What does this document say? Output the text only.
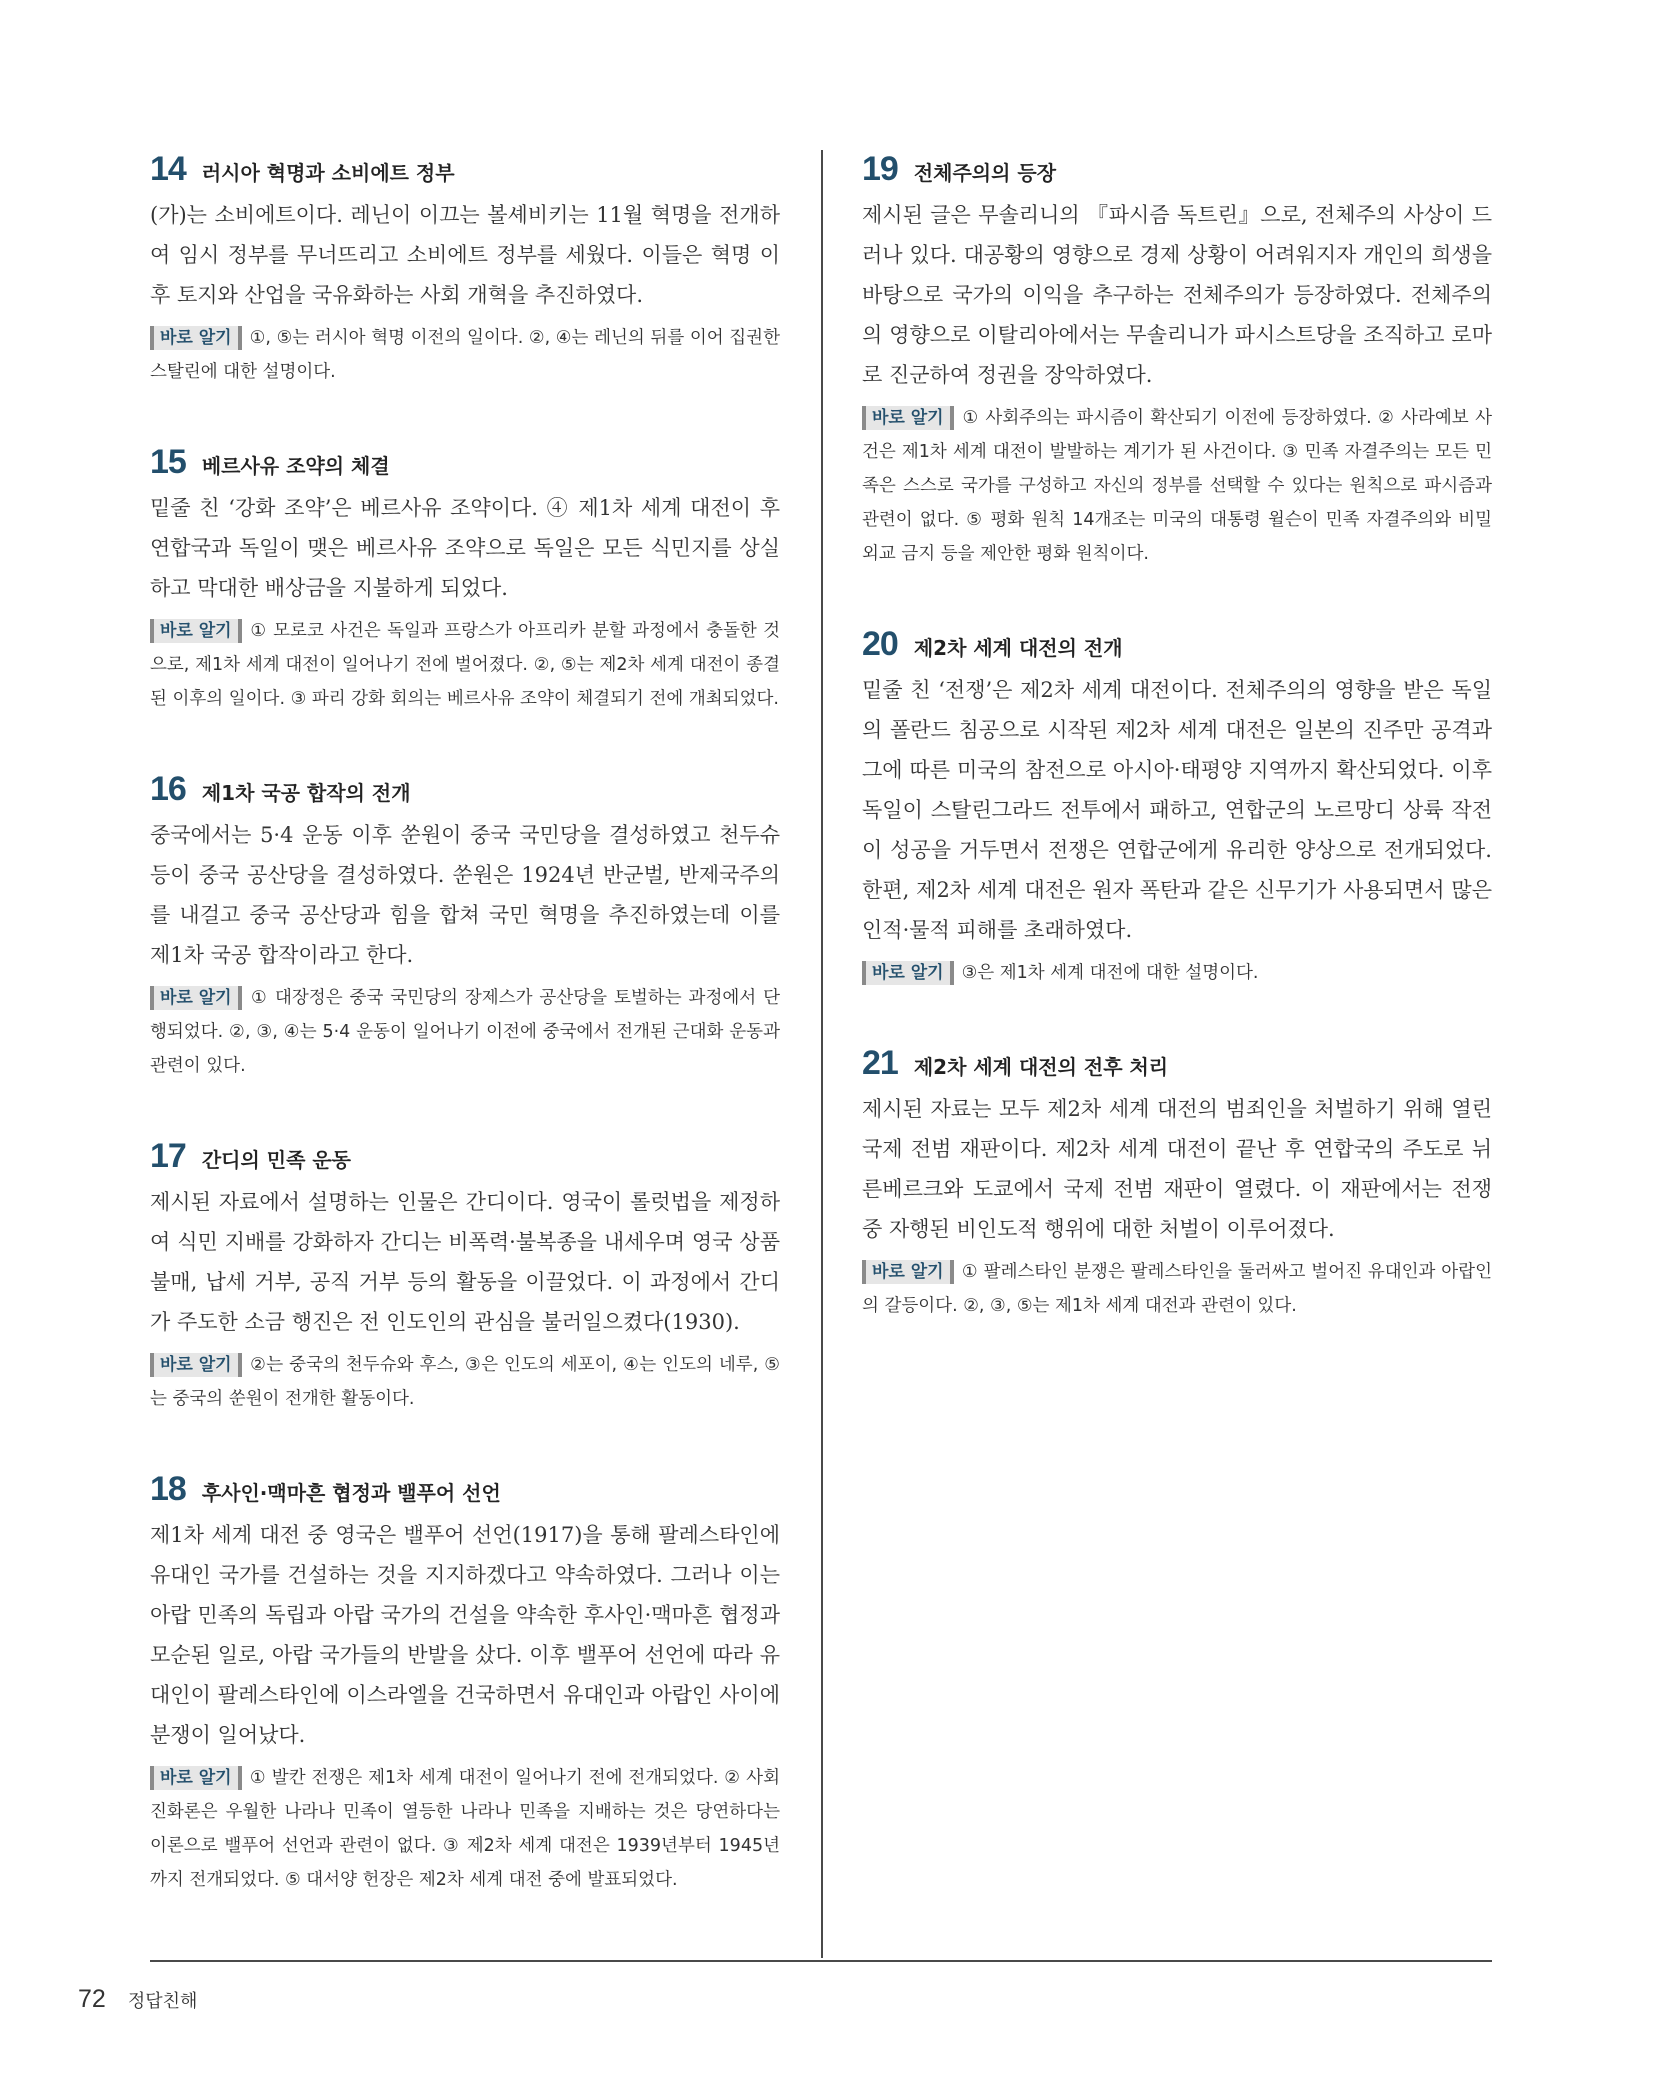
14 러시아 혁명과 소비에트 정부

(가)는 소비에트이다. 레닌이 이끄는 볼셰비키는 11월 혁명을 전개하여 임시 정부를 무너뜨리고 소비에트 정부를 세웠다. 이들은 혁명 이후 토지와 산업을 국유화하는 사회 개혁을 추진하였다.

바로 알기 ①, ⑤는 러시아 혁명 이전의 일이다. ②, ④는 레닌의 뒤를 이어 집권한 스탈린에 대한 설명이다.
15 베르사유 조약의 체결

밑줄 친 ‘강화 조약’은 베르사유 조약이다. ④ 제1차 세계 대전이 후 연합국과 독일이 맺은 베르사유 조약으로 독일은 모든 식민지를 상실하고 막대한 배상금을 지불하게 되었다.

바로 알기 ① 모로코 사건은 독일과 프랑스가 아프리카 분할 과정에서 충돌한 것으로, 제1차 세계 대전이 일어나기 전에 벌어졌다. ②, ⑤는 제2차 세계 대전이 종결된 이후의 일이다. ③ 파리 강화 회의는 베르사유 조약이 체결되기 전에 개최되었다.
16 제1차 국공 합작의 전개

중국에서는 5·4 운동 이후 쑨원이 중국 국민당을 결성하였고 천두슈 등이 중국 공산당을 결성하였다. 쑨원은 1924년 반군벌, 반제국주의를 내걸고 중국 공산당과 힘을 합쳐 국민 혁명을 추진하였는데 이를 제1차 국공 합작이라고 한다.

바로 알기 ① 대장정은 중국 국민당의 장제스가 공산당을 토벌하는 과정에서 단행되었다. ②, ③, ④는 5·4 운동이 일어나기 이전에 중국에서 전개된 근대화 운동과 관련이 있다.
17 간디의 민족 운동

제시된 자료에서 설명하는 인물은 간디이다. 영국이 롤럿법을 제정하여 식민 지배를 강화하자 간디는 비폭력·불복종을 내세우며 영국 상품 불매, 납세 거부, 공직 거부 등의 활동을 이끌었다. 이 과정에서 간디가 주도한 소금 행진은 전 인도인의 관심을 불러일으켰다(1930).

바로 알기 ②는 중국의 천두슈와 후스, ③은 인도의 세포이, ④는 인도의 네루, ⑤는 중국의 쑨원이 전개한 활동이다.
18 후사인·맥마흔 협정과 밸푸어 선언

제1차 세계 대전 중 영국은 밸푸어 선언(1917)을 통해 팔레스타인에 유대인 국가를 건설하는 것을 지지하겠다고 약속하였다. 그러나 이는 아랍 민족의 독립과 아랍 국가의 건설을 약속한 후사인·맥마흔 협정과 모순된 일로, 아랍 국가들의 반발을 샀다. 이후 밸푸어 선언에 따라 유대인이 팔레스타인에 이스라엘을 건국하면서 유대인과 아랍인 사이에 분쟁이 일어났다.

바로 알기 ① 발칸 전쟁은 제1차 세계 대전이 일어나기 전에 전개되었다. ② 사회 진화론은 우월한 나라나 민족이 열등한 나라나 민족을 지배하는 것은 당연하다는 이론으로 밸푸어 선언과 관련이 없다. ③ 제2차 세계 대전은 1939년부터 1945년까지 전개되었다. ⑤ 대서양 헌장은 제2차 세계 대전 중에 발표되었다.
19 전체주의의 등장

제시된 글은 무솔리니의 『파시즘 독트린』으로, 전체주의 사상이 드러나 있다. 대공황의 영향으로 경제 상황이 어려워지자 개인의 희생을 바탕으로 국가의 이익을 추구하는 전체주의가 등장하였다. 전체주의의 영향으로 이탈리아에서는 무솔리니가 파시스트당을 조직하고 로마로 진군하여 정권을 장악하였다.

바로 알기 ① 사회주의는 파시즘이 확산되기 이전에 등장하였다. ② 사라예보 사건은 제1차 세계 대전이 발발하는 계기가 된 사건이다. ③ 민족 자결주의는 모든 민족은 스스로 국가를 구성하고 자신의 정부를 선택할 수 있다는 원칙으로 파시즘과 관련이 없다. ⑤ 평화 원칙 14개조는 미국의 대통령 윌슨이 민족 자결주의와 비밀 외교 금지 등을 제안한 평화 원칙이다.
20 제2차 세계 대전의 전개

밑줄 친 ‘전쟁’은 제2차 세계 대전이다. 전체주의의 영향을 받은 독일의 폴란드 침공으로 시작된 제2차 세계 대전은 일본의 진주만 공격과 그에 따른 미국의 참전으로 아시아·태평양 지역까지 확산되었다. 이후 독일이 스탈린그라드 전투에서 패하고, 연합군의 노르망디 상륙 작전이 성공을 거두면서 전쟁은 연합군에게 유리한 양상으로 전개되었다. 한편, 제2차 세계 대전은 원자 폭탄과 같은 신무기가 사용되면서 많은 인적·물적 피해를 초래하였다.

바로 알기 ③은 제1차 세계 대전에 대한 설명이다.
21 제2차 세계 대전의 전후 처리

제시된 자료는 모두 제2차 세계 대전의 범죄인을 처벌하기 위해 열린 국제 전범 재판이다. 제2차 세계 대전이 끝난 후 연합국의 주도로 뉘른베르크와 도쿄에서 국제 전범 재판이 열렸다. 이 재판에서는 전쟁 중 자행된 비인도적 행위에 대한 처벌이 이루어졌다.

바로 알기 ① 팔레스타인 분쟁은 팔레스타인을 둘러싸고 벌어진 유대인과 아랍인의 갈등이다. ②, ③, ⑤는 제1차 세계 대전과 관련이 있다.
72 정답친해
